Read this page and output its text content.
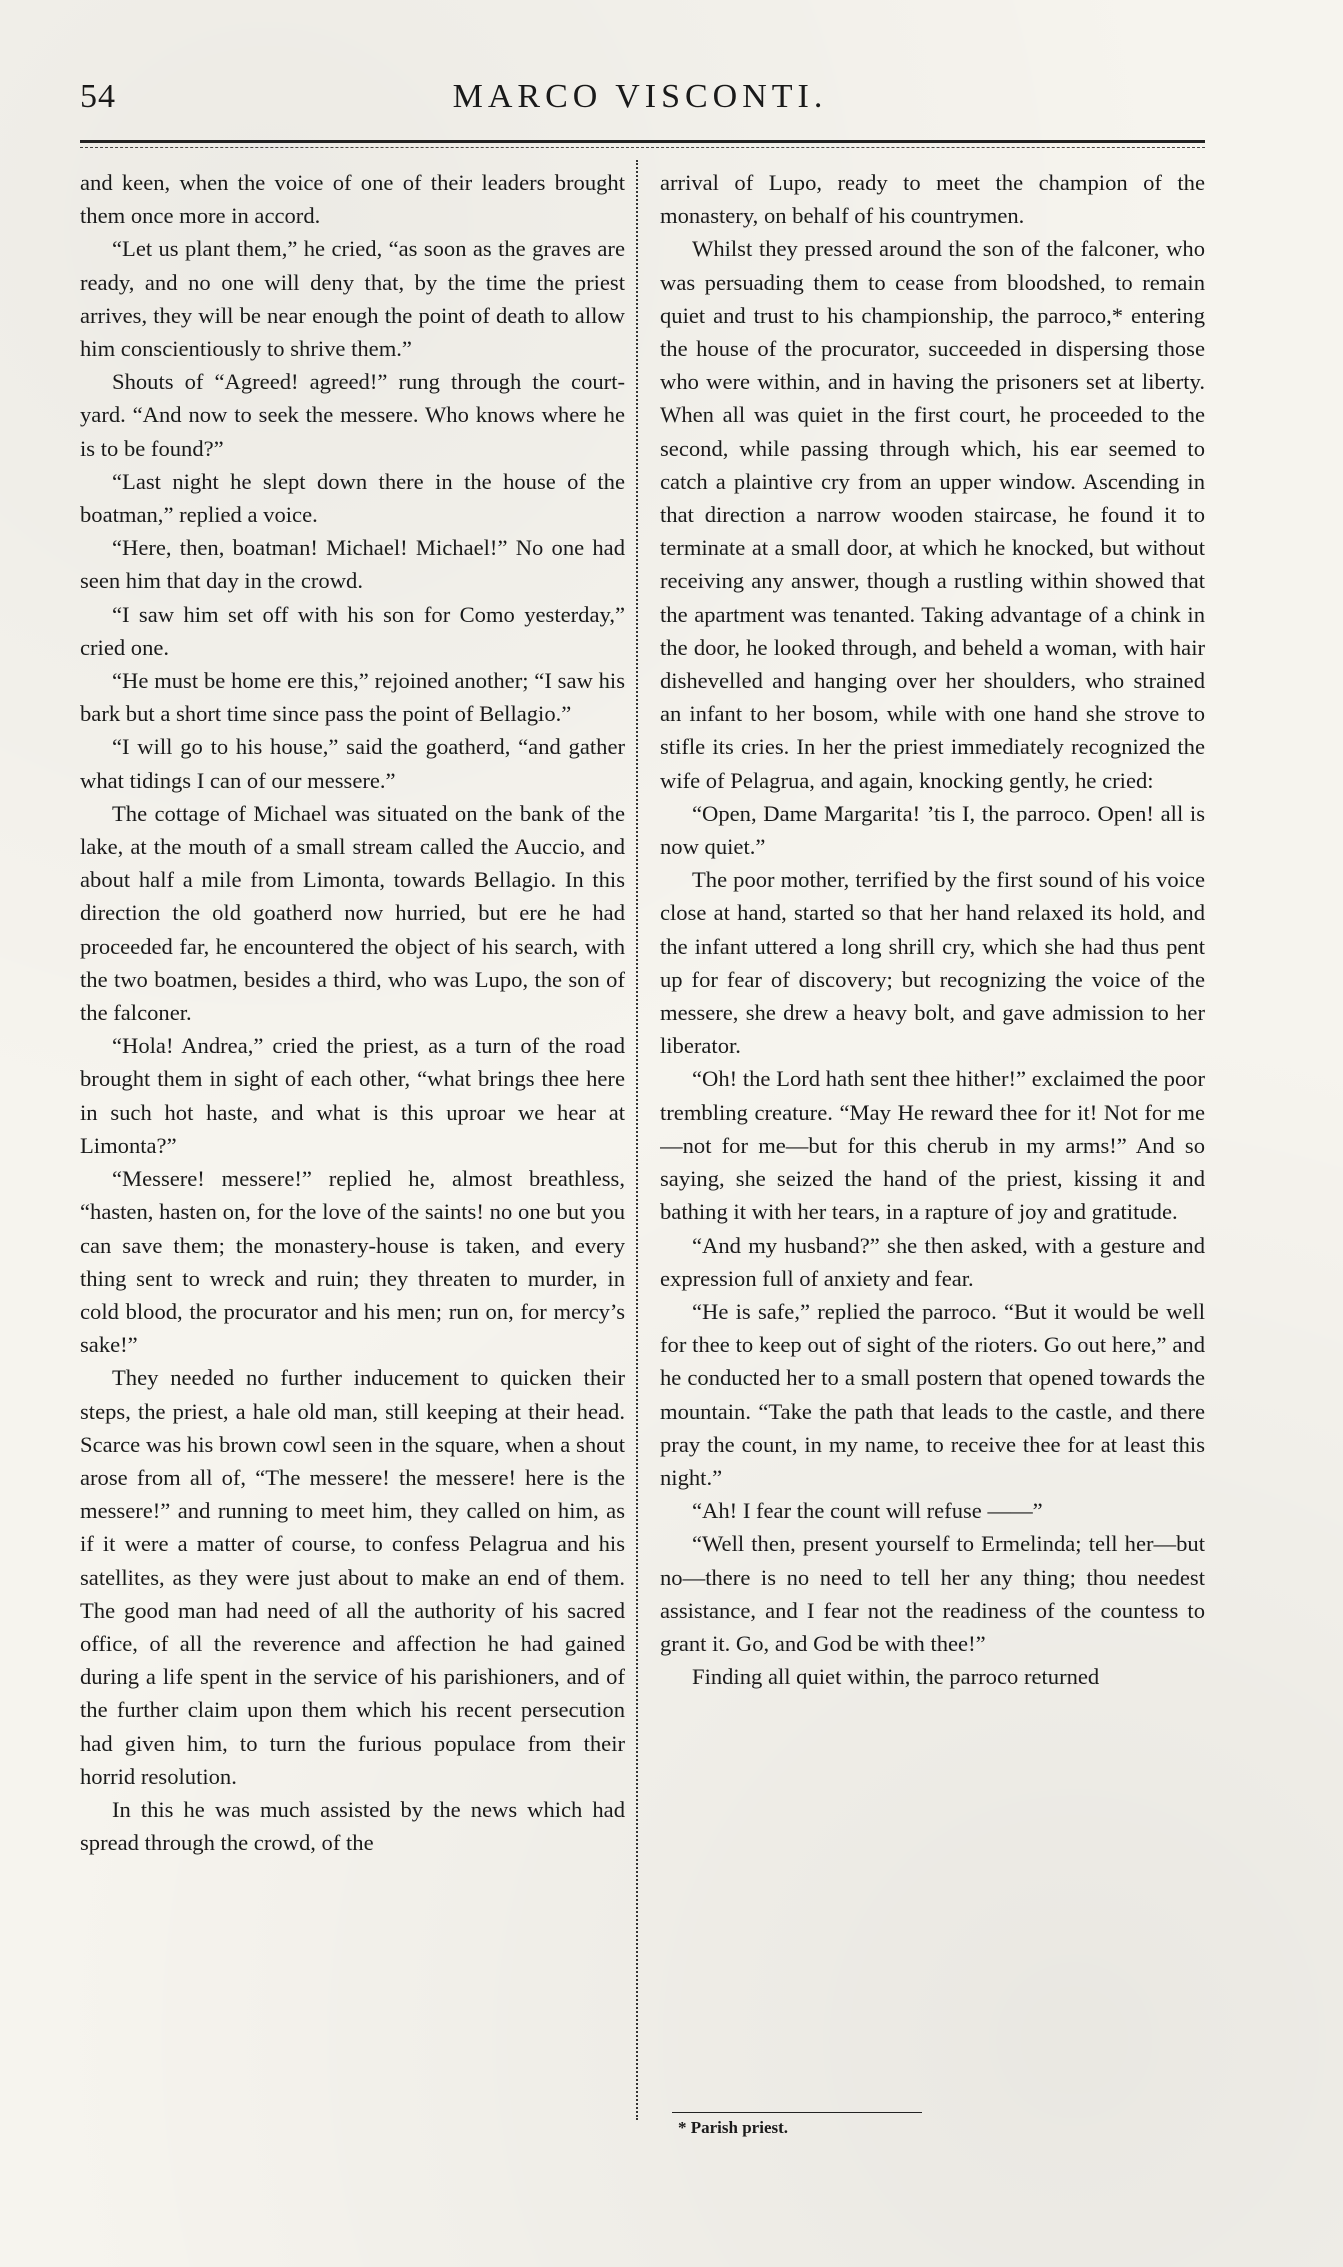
54	MARCO VISCONTI.

and keen, when the voice of one of their leaders brought them once more in accord.

“Let us plant them,” he cried, “as soon as the graves are ready, and no one will deny that, by the time the priest arrives, they will be near enough the point of death to allow him conscientiously to shrive them.”

Shouts of “Agreed! agreed!” rung through the court-yard. “And now to seek the messere. Who knows where he is to be found?”

“Last night he slept down there in the house of the boatman,” replied a voice.

“Here, then, boatman! Michael! Michael!” No one had seen him that day in the crowd.

“I saw him set off with his son for Como yesterday,” cried one.

“He must be home ere this,” rejoined another; “I saw his bark but a short time since pass the point of Bellagio.”

“I will go to his house,” said the goatherd, “and gather what tidings I can of our messere.”

The cottage of Michael was situated on the bank of the lake, at the mouth of a small stream called the Auccio, and about half a mile from Limonta, towards Bellagio. In this direction the old goatherd now hurried, but ere he had proceeded far, he encountered the object of his search, with the two boatmen, besides a third, who was Lupo, the son of the falconer.

“Hola! Andrea,” cried the priest, as a turn of the road brought them in sight of each other, “what brings thee here in such hot haste, and what is this uproar we hear at Limonta?”

“Messere! messere!” replied he, almost breathless, “hasten, hasten on, for the love of the saints! no one but you can save them; the monastery-house is taken, and every thing sent to wreck and ruin; they threaten to murder, in cold blood, the procurator and his men; run on, for mercy’s sake!”

They needed no further inducement to quicken their steps, the priest, a hale old man, still keeping at their head. Scarce was his brown cowl seen in the square, when a shout arose from all of, “The messere! the messere! here is the messere!” and running to meet him, they called on him, as if it were a matter of course, to confess Pelagrua and his satellites, as they were just about to make an end of them. The good man had need of all the authority of his sacred office, of all the reverence and affection he had gained during a life spent in the service of his parishioners, and of the further claim upon them which his recent persecution had given him, to turn the furious populace from their horrid resolution.

In this he was much assisted by the news which had spread through the crowd, of the

arrival of Lupo, ready to meet the champion of the monastery, on behalf of his countrymen.

Whilst they pressed around the son of the falconer, who was persuading them to cease from bloodshed, to remain quiet and trust to his championship, the parroco,* entering the house of the procurator, succeeded in dispersing those who were within, and in having the prisoners set at liberty. When all was quiet in the first court, he proceeded to the second, while passing through which, his ear seemed to catch a plaintive cry from an upper window. Ascending in that direction a narrow wooden staircase, he found it to terminate at a small door, at which he knocked, but without receiving any answer, though a rustling within showed that the apartment was tenanted. Taking advantage of a chink in the door, he looked through, and beheld a woman, with hair dishevelled and hanging over her shoulders, who strained an infant to her bosom, while with one hand she strove to stifle its cries. In her the priest immediately recognized the wife of Pelagrua, and again, knocking gently, he cried:

“Open, Dame Margarita! ’tis I, the parroco. Open! all is now quiet.”

The poor mother, terrified by the first sound of his voice close at hand, started so that her hand relaxed its hold, and the infant uttered a long shrill cry, which she had thus pent up for fear of discovery; but recognizing the voice of the messere, she drew a heavy bolt, and gave admission to her liberator.

“Oh! the Lord hath sent thee hither!” exclaimed the poor trembling creature. “May He reward thee for it! Not for me—not for me—but for this cherub in my arms!” And so saying, she seized the hand of the priest, kissing it and bathing it with her tears, in a rapture of joy and gratitude.

“And my husband?” she then asked, with a gesture and expression full of anxiety and fear.

“He is safe,” replied the parroco. “But it would be well for thee to keep out of sight of the rioters. Go out here,” and he conducted her to a small postern that opened towards the mountain. “Take the path that leads to the castle, and there pray the count, in my name, to receive thee for at least this night.”

“Ah! I fear the count will refuse ——”

“Well then, present yourself to Ermelinda; tell her—but no—there is no need to tell her any thing; thou needest assistance, and I fear not the readiness of the countess to grant it. Go, and God be with thee!”

Finding all quiet within, the parroco returned

* Parish priest.
